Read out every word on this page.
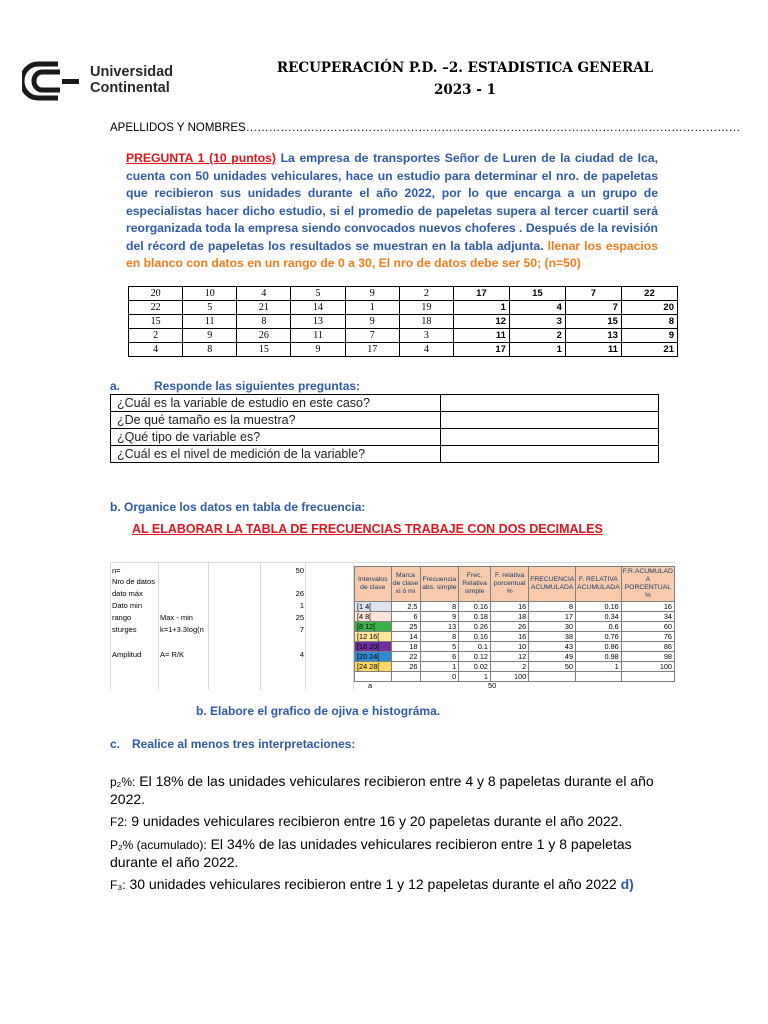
Universidad
Continental
RECUPERACIÓN P.D. –2. ESTADISTICA GENERAL
2023 - 1
APELLIDOS Y NOMBRES…………………………………………………………………………………………………………………
PREGUNTA 1 (10 puntos) La empresa de transportes Señor de Luren de la ciudad de Ica, cuenta con 50 unidades vehiculares, hace un estudio para determinar el nro. de papeletas que recibieron sus unidades durante el año 2022, por lo que encarga a un grupo de especialistas hacer dicho estudio, si el promedio de papeletas supera al tercer cuartil será reorganizada toda la empresa siendo convocados nuevos choferes . Después de la revisión del récord de papeletas los resultados se muestran en la tabla adjunta. llenar los espacios en blanco con datos en un rango de 0 a 30, El nro de datos debe ser 50; (n=50)
20	10	4	5	9	2	17	15	7	22
22	5	21	14	1	19	1	4	7	20
15	11	8	13	9	18	12	3	15	8
2	9	26	11	7	3	11	2	13	9
4	8	15	9	17	4	17	1	11	21
a.	Responde las siguientes preguntas:
¿Cuál es la variable de estudio en este caso?	
¿De qué tamaño es la muestra?	
¿Qué tipo de variable es?	
¿Cuál es el nivel de medición de la variable?	
b. Organice los datos en tabla de frecuencia:
AL ELABORAR LA TABLA DE FRECUENCIAS TRABAJE CON DOS DECIMALES
n=	50
Nro de datos
dato máx	26
Dato min	1
rango	Max - min	25
sturges	k=1+3.3log(n	7
Amplitud	A= R/K	4
Intervalos de clase	Marca de clase xi ó mi	Frecuencia abs. simple	Frec. Relativa simple	F. relativa porcentual %	FRECUENCIA ACUMULADA	F. RELATIVA ACUMULADA	F.R.ACUMULAD A PORCENTUAL %
[1 4[	2.5	8	0.16	16	8	0.16	16
[4 8[	6	9	0.18	18	17	0.34	34
[8 12[	25	13	0.26	26	30	0.6	60
[12 16[	14	8	0.16	16	38	0.76	76
[16 20[	18	5	0.1	10	43	0.86	86
[20 24[	22	6	0.12	12	49	0.98	98
[24 28[	26	1	0.02	2	50	1	100
		0	1	100			
a	50
b. Elabore el grafico de ojiva e histográma.
c. Realice al menos tres interpretaciones:
p₂%: El 18% de las unidades vehiculares recibieron entre 4 y 8 papeletas durante el año 2022.
F2: 9 unidades vehiculares recibieron entre 16 y 20 papeletas durante el año 2022.
P₂% (acumulado): El 34% de las unidades vehiculares recibieron entre 1 y 8 papeletas durante el año 2022.
F₃: 30 unidades vehiculares recibieron entre 1 y 12 papeletas durante el año 2022 d)
